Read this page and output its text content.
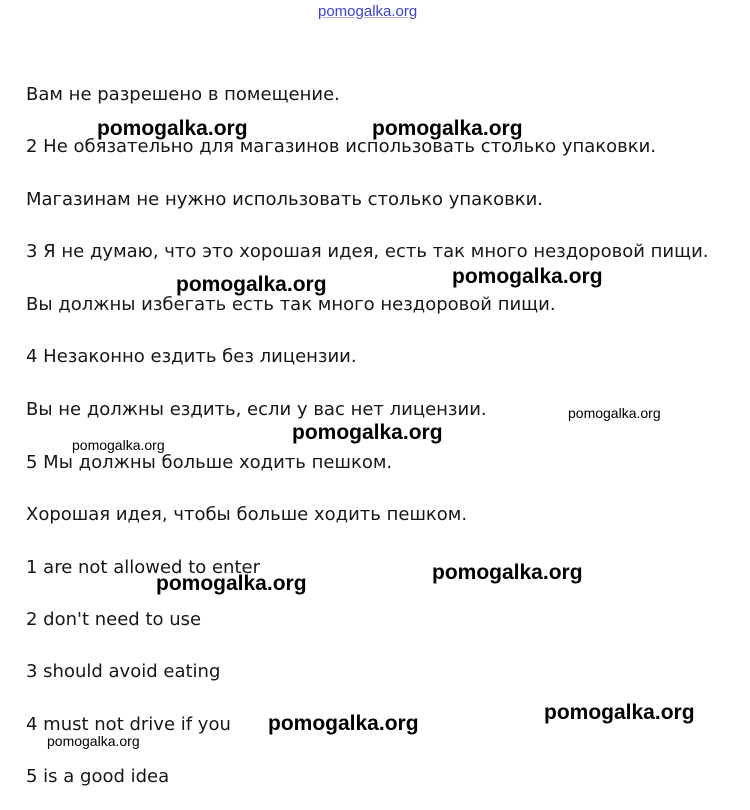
pomogalka.org
Вам не разрешено в помещение.
2 Не обязательно для магазинов использовать столько упаковки.
Магазинам не нужно использовать столько упаковки.
3 Я не думаю, что это хорошая идея, есть так много нездоровой пищи.
Вы должны избегать есть так много нездоровой пищи.
4 Незаконно ездить без лицензии.
Вы не должны ездить, если у вас нет лицензии.
5 Мы должны больше ходить пешком.
Хорошая идея, чтобы больше ходить пешком.
1 are not allowed to enter
2 don't need to use
3 should avoid eating
4 must not drive if you
5 is a good idea
pomogalka.org	pomogalka.org
pomogalka.org	pomogalka.org
pomogalka.org
pomogalka.org
pomogalka.org
pomogalka.org
pomogalka.org
pomogalka.org
pomogalka.org
pomogalka.org
